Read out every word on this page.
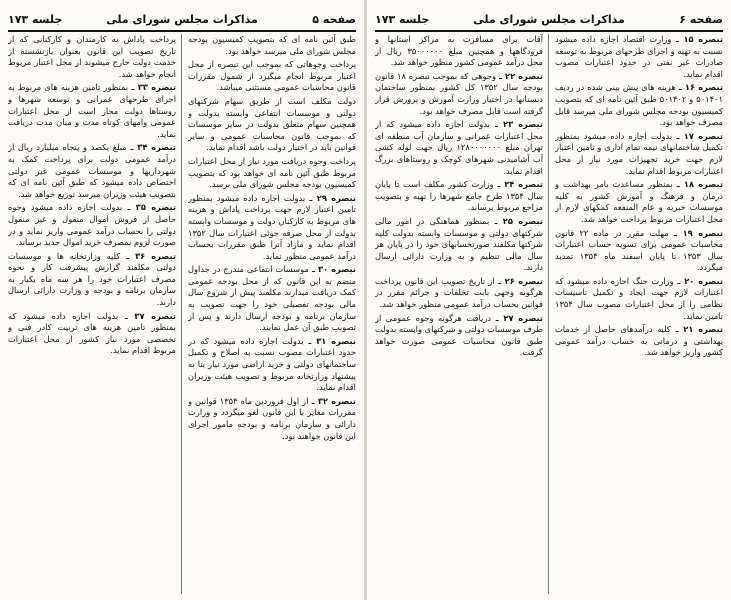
صفحه ۵
مذاکرات مجلس شورای ملی
جلسه ۱۷۳

طبق آئین نامه ای که بتصویب کمیسیون بودجه مجلس شورای ملی میرسد خواهد بود.

پرداخت وجوهاتی که بموجب این تبصره از محل اعتبار مربوط انجام میگیرد از شمول مقررات قانون محاسبات عمومی مستثنی میباشد.

دولت مکلف است از طریق سهام شرکتهای دولتی و موسسات انتفاعی وابسته بدولت و همچنین سهام متعلق بدولت در سایر موسسات که بموجب قانون محاسبات عمومی و سایر قوانین باید در اختیار دولت باشد اقدام نماید.

پرداخت وجوه دریافت مورد نیاز از محل اعتبارات مربوط طبق آئین نامه ای خواهد بود که بتصویب کمیسیون بودجه مجلس شورای ملی برسد.

تبصره ۲۹ ـ بدولت اجازه داده میشود بمنظور تامین اعتبار لازم جهت پرداخت پاداش و هزینه های مربوط به کارکنان دولت و موسسات وابسته بدولت از محل صرفه جوئی اعتبارات سال ۱۳۵۲ اقدام نماید و مازاد آنرا طبق مقررات بحساب درآمد عمومی منظور نماید.

تبصره ۳۰ ـ موسسات انتفاعی مندرج در جداول منضم به این قانون که از محل بودجه عمومی کمک دریافت میدارند مکلفند پیش از شروع سال مالی بودجه تفصیلی خود را جهت تصویب به سازمان برنامه و بودجه ارسال دارند و پس از تصویب طبق آن عمل نمایند.

تبصره ۳۱ ـ بدولت اجازه داده میشود که در حدود اعتبارات مصوب نسبت به اصلاح و تکمیل ساختمانهای دولتی و خرید اراضی مورد نیاز بنا به پیشنهاد وزارتخانه مربوط و تصویب هیئت وزیران اقدام نماید.

تبصره ۳۲ ـ از اول فروردین ماه ۱۳۵۴ قوانین و مقررات مغایر با این قانون لغو میگردد و وزارت دارائی و سازمان برنامه و بودجه مامور اجرای این قانون خواهند بود.

پرداخت پاداش به کارمندان و کارکنانی که از تاریخ تصویب این قانون بعنوان بازنشسته از خدمت دولت خارج میشوند از محل اعتبار مربوط انجام خواهد شد.

تبصره ۳۳ ـ بمنظور تامین هزینه های مربوط به اجرای طرحهای عمرانی و توسعه شهرها و روستاها دولت مجاز است از محل اعتبارات عمومی وامهای کوتاه مدت و میان مدت دریافت نماید.

تبصره ۳۴ ـ مبلغ یکصد و پنجاه میلیارد ریال از درآمد عمومی دولت برای پرداخت کمک به شهرداریها و موسسات عمومی غیر دولتی اختصاص داده میشود که طبق آئین نامه ای که بتصویب هیئت وزیران میرسد توزیع خواهد شد.

تبصره ۳۵ ـ بدولت اجازه داده میشود وجوه حاصل از فروش اموال منقول و غیر منقول دولتی را بحساب درآمد عمومی واریز نماید و در صورت لزوم بمصرف خرید اموال جدید برساند.

تبصره ۳۶ ـ کلیه وزارتخانه ها و موسسات دولتی مکلفند گزارش پیشرفت کار و نحوه مصرف اعتبارات خود را هر سه ماه یکبار به سازمان برنامه و بودجه و وزارت دارائی ارسال دارند.

تبصره ۳۷ ـ بدولت اجازه داده میشود که بمنظور تامین هزینه های تربیت کادر فنی و تخصصی مورد نیاز کشور از محل اعتبارات مربوط اقدام نماید.

صفحه ۶
مذاکرات مجلس شورای ملی
جلسه ۱۷۳

تبصره ۱۵ ـ وزارت اقتصاد اجازه داده میشود نسبت به تهیه و اجرای طرحهای مربوط به توسعه صادرات غیر نفتی در حدود اعتبارات مصوب اقدام نماید.

تبصره ۱۶ ـ هزینه های پیش بینی شده در ردیف ۵۰۱۴۰۱ و ۵۰۱۴۰۲ طبق آئین نامه ای که بتصویب کمیسیون بودجه مجلس شورای ملی میرسد قابل مصرف خواهد بود.

تبصره ۱۷ ـ بدولت اجازه داده میشود بمنظور تکمیل ساختمانهای نیمه تمام اداری و تامین اعتبار لازم جهت خرید تجهیزات مورد نیاز از محل اعتبارات مربوط اقدام نماید.

تبصره ۱۸ ـ بمنظور مساعدت بامر بهداشت و درمان و فرهنگ و آموزش کشور به کلیه موسسات خیریه و عام المنفعه کمکهای لازم از محل اعتبارات مربوط پرداخت خواهد شد.

تبصره ۱۹ ـ مهلت مقرر در ماده ۲۲ قانون محاسبات عمومی برای تسویه حساب اعتبارات سال ۱۳۵۳ تا پایان اسفند ماه ۱۳۵۴ تمدید میگردد.

تبصره ۲۰ ـ وزارت جنگ اجازه داده میشود که اعتبارات لازم جهت ایجاد و تکمیل تاسیسات نظامی را از محل اعتبارات مصوب سال ۱۳۵۴ تامین نماید.

تبصره ۲۱ ـ کلیه درآمدهای حاصل از خدمات بهداشتی و درمانی به حساب درآمد عمومی کشور واریز خواهد شد.

آقات برای مسافرت به مراکز استانها و فرودگاهها و همچنین مبلغ ۳۵۰۰۰۰۰۰ ریال از محل درآمد عمومی کشور منظور خواهد شد.

تبصره ۲۲ ـ وجوهی که بموجب تبصره ۱۸ قانون بودجه سال ۱۳۵۲ کل کشور بمنظور ساختمان دبستانها در اختیار وزارت آموزش و پرورش قرار گرفته است قابل مصرف خواهد بود.

تبصره ۲۳ ـ بدولت اجازه داده میشود که از محل اعتبارات عمرانی و سازمان آب منطقه ای تهران مبلغ ۱۲۸۰۰۰۰۰۰۰ ریال جهت لوله کشی آب آشامیدنی شهرهای کوچک و روستاهای بزرگ اقدام نماید.

تبصره ۲۴ ـ وزارت کشور مکلف است تا پایان سال ۱۳۵۴ طرح جامع شهرها را تهیه و بتصویب مراجع مربوط برساند.

تبصره ۲۵ ـ بمنظور هماهنگی در امور مالی شرکتهای دولتی و موسسات وابسته بدولت کلیه شرکتها مکلفند صورتحسابهای خود را در پایان هر سال مالی تنظیم و به وزارت دارائی ارسال دارند.

تبصره ۲۶ ـ از تاریخ تصویب این قانون پرداخت هرگونه وجهی بابت تخلفات و جرائم مقرر در قوانین بحساب درآمد عمومی منظور خواهد شد.

تبصره ۲۷ ـ دریافت هرگونه وجوه عمومی از طرف موسسات دولتی و شرکتهای وابسته بدولت طبق قانون محاسبات عمومی صورت خواهد گرفت.
